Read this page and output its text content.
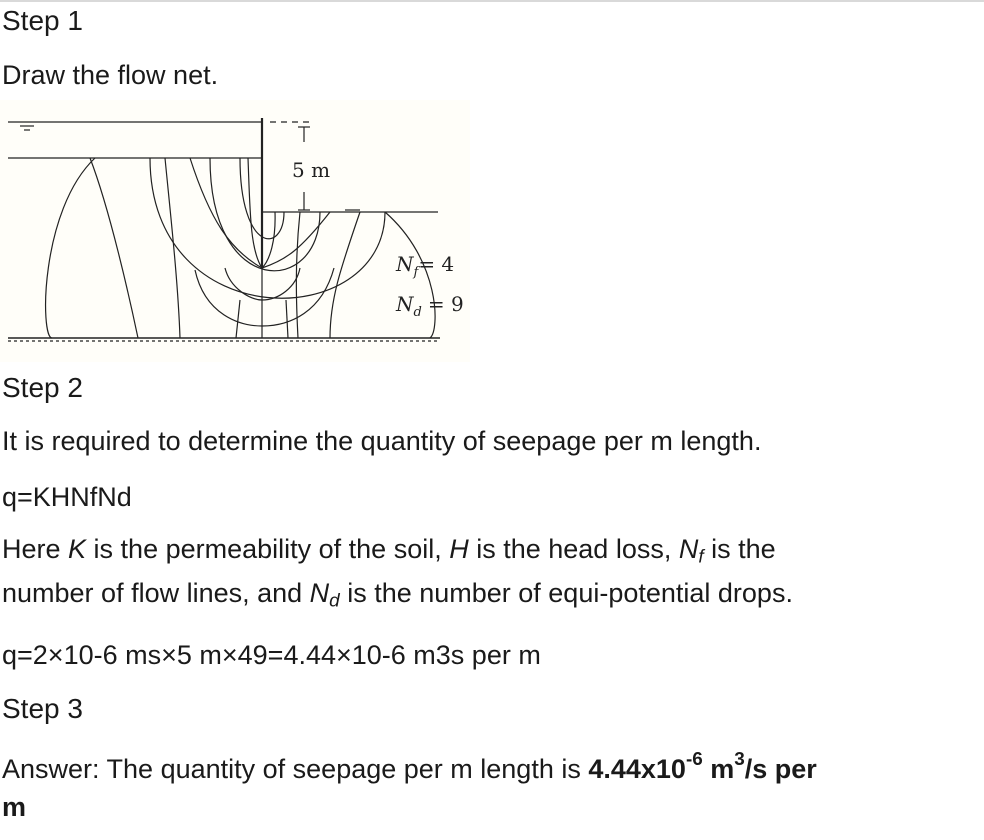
Step 1

Draw the flow net.

5 m
$N_f= 4$
$N_d = 9$

Step 2

It is required to determine the quantity of seepage per m length.

q=KHNfNd

Here K is the permeability of the soil, H is the head loss, $N_f$ is the

number of flow lines, and $N_d$ is the number of equi-potential drops.

q=2×10-6 ms×5 m×49=4.44×10-6 m3s per m

Step 3

Answer: The quantity of seepage per m length is $4.44x10^{-6}$ $m^3/s$ per

m
